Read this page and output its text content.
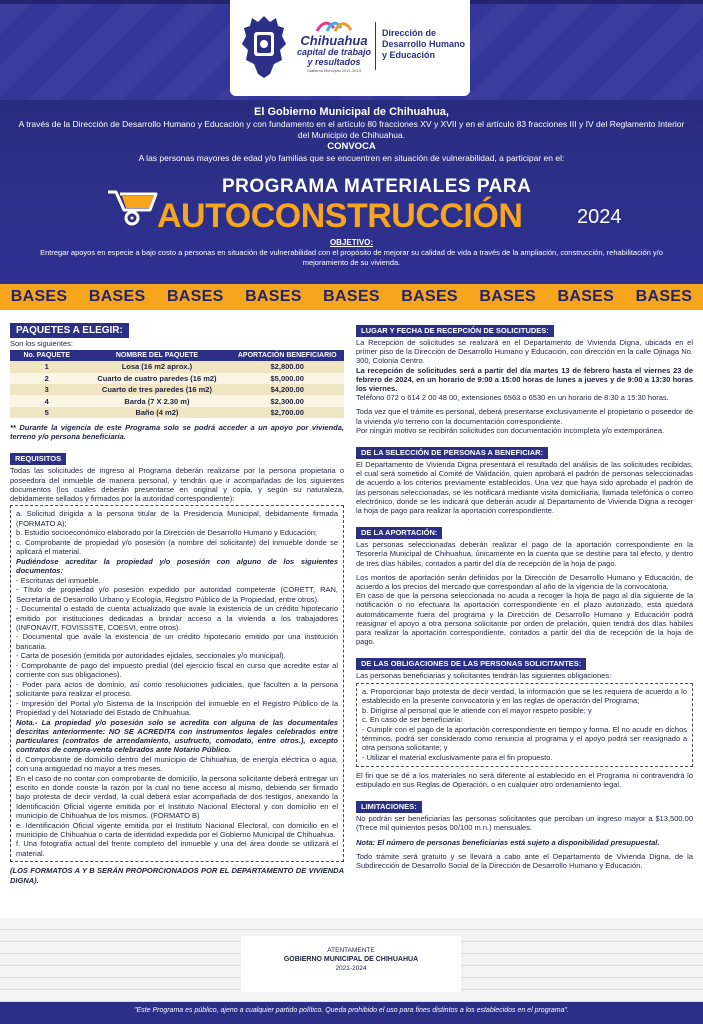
Chihuahua
capital de trabajo
y resultados
Gobierno Municipal 2021-2024
Dirección de Desarrollo Humano y Educación
El Gobierno Municipal de Chihuahua,
A través de la Dirección de Desarrollo Humano y Educación y con fundamento en el artículo 80 fracciones XV y XVII y en el artículo 83 fracciones III y IV del Reglamento Interior del Municipio de Chihuahua.
CONVOCA
A las personas mayores de edad y/o familias que se encuentren en situación de vulnerabilidad, a participar en el:
PROGRAMA MATERIALES PARA
AUTOCONSTRUCCIÓN	2024
OBJETIVO:
Entregar apoyos en especie a bajo costo a personas en situación de vulnerabilidad con el propósito de mejorar su calidad de vida a través de la ampliación, construcción, rehabilitación y/o mejoramiento de su vivienda.
BASES BASES BASES BASES BASES BASES BASES BASES BASES
PAQUETES A ELEGIR:
Son los siguientes:
No. PAQUETE	NOMBRE DEL PAQUETE	APORTACIÓN BENEFICIARIO
1	Losa (16 m2 aprox.)	$2,800.00
2	Cuarto de cuatro paredes (16 m2)	$5,000.00
3	Cuarto de tres paredes (16 m2)	$4,200.00
4	Barda (7 X 2.30 m)	$2,300.00
5	Baño (4 m2)	$2,700.00
** Durante la vigencia de este Programa solo se podrá acceder a un apoyo por vivienda, terreno y/o persona beneficiaria.
REQUISITOS
Todas las solicitudes de ingreso al Programa deberán realizarse por la persona propietaria o poseedora del inmueble de manera personal, y tendrán que ir acompañadas de los siguientes documentos (los cuales deberán presentarse en original y copia, y según su naturaleza, debidamente sellados y firmados por la autoridad correspondiente):
a. Solicitud dirigida a la persona titular de la Presidencia Municipal, debidamente firmada (FORMATO A);
b. Estudio socioeconómico elaborado por la Dirección de Desarrollo Humano y Educación;
c. Comprobante de propiedad y/o posesión (a nombre del solicitante) del inmueble donde se aplicará el material.
Pudiéndose acreditar la propiedad y/o posesión con alguno de los siguientes documentos:
- Escrituras del inmueble.
- Título de propiedad y/o posesión expedido por autoridad competente (CORETT, RAN, Secretaría de Desarrollo Urbano y Ecología, Registro Público de la Propiedad, entre otros).
- Documental o estado de cuenta actualizado que avale la existencia de un crédito hipotecario emitido por instituciones dedicadas a brindar acceso a la vivienda a los trabajadores (INFONAVIT, FOVISSSTE, COESVI, entre otros).
- Documental que avale la existencia de un crédito hipotecario emitido por una institución bancaria.
- Carta de posesión (emitida por autoridades ejidales, seccionales y/o municipal).
- Comprobante de pago del impuesto predial (del ejercicio fiscal en curso que acredite estar al corriente con sus obligaciones).
- Poder para actos de dominio, así como resoluciones judiciales, que faculten a la persona solicitante para realizar el proceso.
- Impresión del Portal y/o Sistema de la Inscripción del inmueble en el Registro Público de la Propiedad y del Notariado del Estado de Chihuahua.
Nota.- La propiedad y/o posesión solo se acredita con alguna de las documentales descritas anteriormente: NO SE ACREDITA con instrumentos legales celebrados entre particulares (contratos de arrendamiento, usufructo, comodato, entre otros.), excepto contratos de compra-venta celebrados ante Notario Público.
d. Comprobante de domicilio dentro del municipio de Chihuahua, de energía eléctrica o agua, con una antigüedad no mayor a tres meses.
En el caso de no contar con comprobante de domicilio, la persona solicitante deberá entregar un escrito en donde conste la razón por la cual no tiene acceso al mismo, debiendo ser firmado bajo protesta de decir verdad, la cual deberá estar acompañada de dos testigos, anexando la Identificación Oficial vigente emitida por el Instituto Nacional Electoral y con domicilio en el municipio de Chihuahua de los mismos. (FORMATO B)
e. Identificación Oficial vigente emitida por el Instituto Nacional Electoral, con domicilio en el municipio de Chihuahua o carta de identidad expedida por el Gobierno Municipal de Chihuahua.
f. Una fotografía actual del frente completo del inmueble y una del área donde se utilizará el material.
(LOS FORMATOS A Y B SERÁN PROPORCIONADOS POR EL DEPARTAMENTO DE VIVIENDA DIGNA).
LUGAR Y FECHA DE RECEPCIÓN DE SOLICITUDES:
La Recepción de solicitudes se realizará en el Departamento de Vivienda Digna, ubicada en el primer piso de la Dirección de Desarrollo Humano y Educación, con dirección en la calle Ojinaga No. 300, Colonia Centro.
La recepción de solicitudes será a partir del día martes 13 de febrero hasta el viernes 23 de febrero de 2024, en un horario de 9:00 a 15:00 horas de lunes a jueves y de 9:00 a 13:30 horas los viernes.
Teléfono 072 o 614 2 00 48 00, extensiones 6563 o 6530 en un horario de 8:30 a 15:30 horas.
Toda vez que el trámite es personal, deberá presentarse exclusivamente el propietario o poseedor de la vivienda y/o terreno con la documentación correspondiente.
Por ningún motivo se recibirán solicitudes con documentación incompleta y/o extemporánea.
DE LA SELECCIÓN DE PERSONAS A BENEFICIAR:
El Departamento de Vivienda Digna presentará el resultado del análisis de las solicitudes recibidas, el cual será sometido al Comité de Validación, quien aprobará el padrón de personas seleccionadas de acuerdo a los criterios previamente establecidos. Una vez que haya sido aprobado el padrón de las personas seleccionadas, se les notificará mediante visita domiciliaria, llamada telefónica o correo electrónico, donde se les indicará que deberán acudir al Departamento de Vivienda Digna a recoger la hoja de pago para realizar la aportación correspondiente.
DE LA APORTACIÓN:
Las personas seleccionadas deberán realizar el pago de la aportación correspondiente en la Tesorería Municipal de Chihuahua, únicamente en la cuenta que se destine para tal efecto, y dentro de tres días hábiles, contados a partir del día de recepción de la hoja de pago.
Los montos de aportación serán definidos por la Dirección de Desarrollo Humano y Educación, de acuerdo a los precios del mercado que correspondan al año de la vigencia de la convocatoria.
En caso de que la persona seleccionada no acuda a recoger la hoja de pago al día siguiente de la notificación o no efectuara la aportación correspondiente en el plazo autorizado, esta quedará automáticamente fuera del programa y la Dirección de Desarrollo Humano y Educación podrá reasignar el apoyo a otra persona solicitante por orden de prelación, quien tendrá dos días hábiles para realizar la aportación correspondiente, contados a partir del día de recepción de la hoja de pago.
DE LAS OBLIGACIONES DE LAS PERSONAS SOLICITANTES:
Las personas beneficiarias y solicitantes tendrán las siguientes obligaciones:
a. Proporcionar bajo protesta de decir verdad, la información que se les requiera de acuerdo a lo establecido en la presente convocatoria y en las reglas de operación del Programa;
b. Dirigirse al personal que le atiende con el mayor respeto posible; y
c. En caso de ser beneficiaria:
- Cumplir con el pago de la aportación correspondiente en tiempo y forma. El no acudir en dichos términos, podrá ser considerado como renuncia al programa y el apoyo podrá ser reasignado a otra persona solicitante; y
- Utilizar el material exclusivamente para el fin propuesto.
El fin que se dé a los materiales no será diferente al establecido en el Programa ni contravendrá lo estipulado en sus Reglas de Operación, o en cualquier otro ordenamiento legal.
LIMITACIONES:
No podrán ser beneficiarias las personas solicitantes que perciban un ingreso mayor a $13,500.00 (Trece mil quinientos pesos 00/100 m.n.) mensuales.
Nota: El número de personas beneficiarias está sujeto a disponibilidad presupuestal.
Todo trámite será gratuito y se llevará a cabo ante el Departamento de Vivienda Digna, de la Subdirección de Desarrollo Social de la Dirección de Desarrollo Humano y Educación.
ATENTAMENTE
GOBIERNO MUNICIPAL DE CHIHUAHUA
2021-2024
"Este Programa es público, ajeno a cualquier partido político. Queda prohibido el uso para fines distintos a los establecidos en el programa".
